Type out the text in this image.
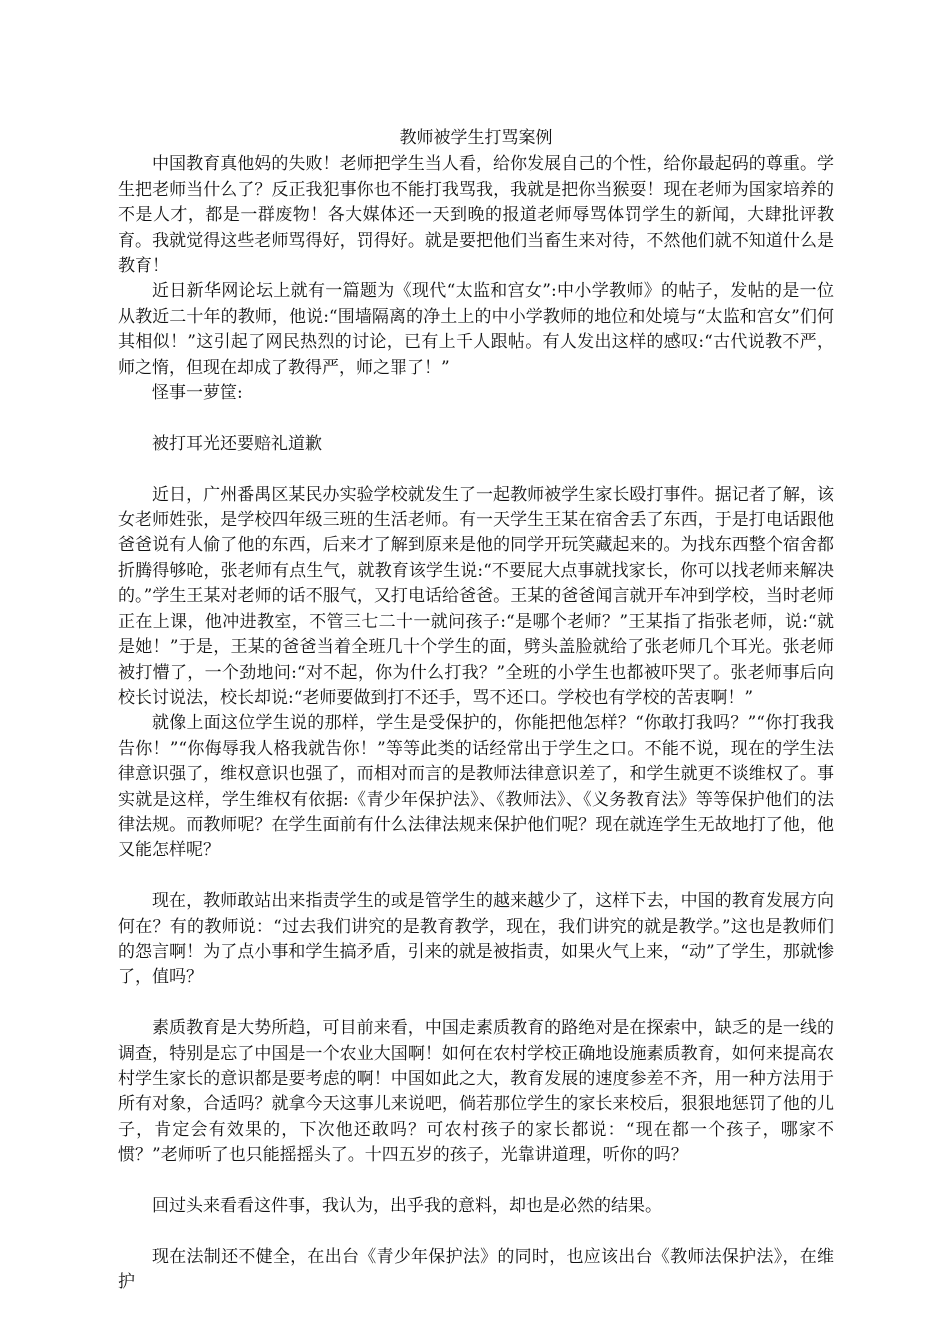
教师被学生打骂案例

中国教育真他妈的失败！老师把学生当人看，给你发展自己的个性，给你最起码的尊重。学生把老师当什么了？反正我犯事你也不能打我骂我，我就是把你当猴耍！现在老师为国家培养的不是人才，都是一群废物！各大媒体还一天到晚的报道老师辱骂体罚学生的新闻，大肆批评教育。我就觉得这些老师骂得好，罚得好。就是要把他们当畜生来对待，不然他们就不知道什么是教育！

近日新华网论坛上就有一篇题为《现代“太监和宫女”:中小学教师》的帖子，发帖的是一位从教近二十年的教师，他说:“围墙隔离的净土上的中小学教师的地位和处境与“太监和宫女”们何其相似！”这引起了网民热烈的讨论，已有上千人跟帖。有人发出这样的感叹:“古代说教不严，师之惰，但现在却成了教得严，师之罪了！”

怪事一萝筐:

被打耳光还要赔礼道歉

近日，广州番禺区某民办实验学校就发生了一起教师被学生家长殴打事件。据记者了解，该女老师姓张，是学校四年级三班的生活老师。有一天学生王某在宿舍丢了东西，于是打电话跟他爸爸说有人偷了他的东西，后来才了解到原来是他的同学开玩笑藏起来的。为找东西整个宿舍都折腾得够呛，张老师有点生气，就教育该学生说:“不要屁大点事就找家长，你可以找老师来解决的。”学生王某对老师的话不服气，又打电话给爸爸。王某的爸爸闻言就开车冲到学校，当时老师正在上课，他冲进教室，不管三七二十一就问孩子:“是哪个老师？”王某指了指张老师，说:“就是她！”于是，王某的爸爸当着全班几十个学生的面，劈头盖脸就给了张老师几个耳光。张老师被打懵了，一个劲地问:“对不起，你为什么打我？”全班的小学生也都被吓哭了。张老师事后向校长讨说法，校长却说:“老师要做到打不还手，骂不还口。学校也有学校的苦衷啊！”

就像上面这位学生说的那样，学生是受保护的，你能把他怎样？“你敢打我吗？”“你打我我告你！”“你侮辱我人格我就告你！”等等此类的话经常出于学生之口。不能不说，现在的学生法律意识强了，维权意识也强了，而相对而言的是教师法律意识差了，和学生就更不谈维权了。事实就是这样，学生维权有依据:《青少年保护法》、《教师法》、《义务教育法》等等保护他们的法律法规。而教师呢？在学生面前有什么法律法规来保护他们呢？现在就连学生无故地打了他，他又能怎样呢？

现在，教师敢站出来指责学生的或是管学生的越来越少了，这样下去，中国的教育发展方向何在？有的教师说：“过去我们讲究的是教育教学，现在，我们讲究的就是教学。”这也是教师们的怨言啊！为了点小事和学生搞矛盾，引来的就是被指责，如果火气上来，“动”了学生，那就惨了，值吗？

素质教育是大势所趋，可目前来看，中国走素质教育的路绝对是在探索中，缺乏的是一线的调查，特别是忘了中国是一个农业大国啊！如何在农村学校正确地设施素质教育，如何来提高农村学生家长的意识都是要考虑的啊！中国如此之大，教育发展的速度参差不齐，用一种方法用于所有对象，合适吗？就拿今天这事儿来说吧，倘若那位学生的家长来校后，狠狠地惩罚了他的儿子，肯定会有效果的，下次他还敢吗？可农村孩子的家长都说：“现在都一个孩子，哪家不惯？”老师听了也只能摇摇头了。十四五岁的孩子，光靠讲道理，听你的吗？

回过头来看看这件事，我认为，出乎我的意料，却也是必然的结果。

现在法制还不健全，在出台《青少年保护法》的同时，也应该出台《教师法保护法》，在维护
